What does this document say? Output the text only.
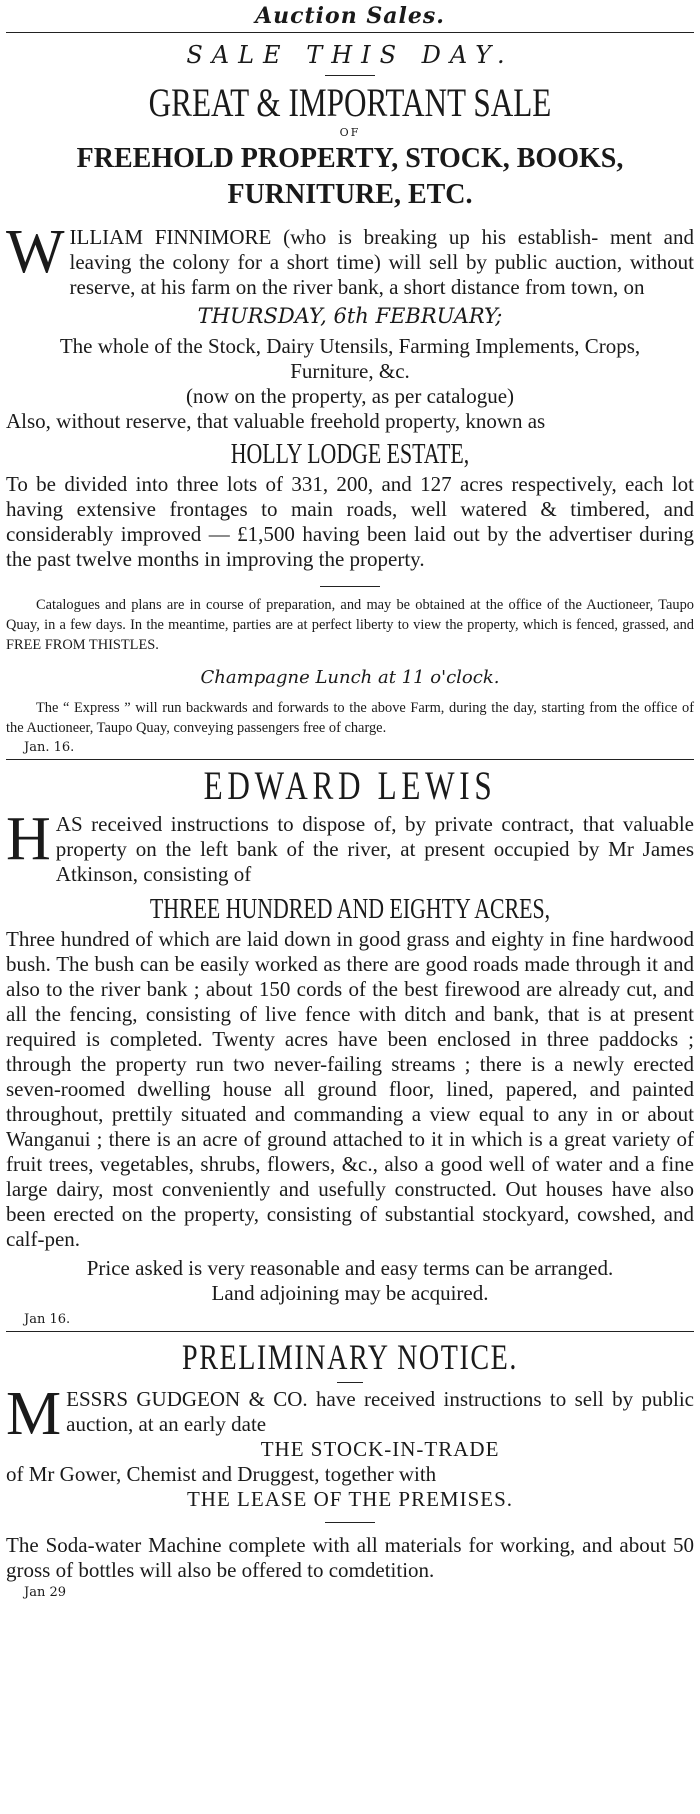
Auction Sales.
SALE THIS DAY.
GREAT & IMPORTANT SALE
OF
FREEHOLD PROPERTY, STOCK, BOOKS,
FURNITURE, ETC.

WILLIAM FINNIMORE (who is breaking up his establish- ment and leaving the colony for a short time) will sell by public auction, without reserve, at his farm on the river bank, a short distance from town, on

THURSDAY, 6th FEBRUARY;

The whole of the Stock, Dairy Utensils, Farming Implements, Crops, Furniture, &c.

(now on the property, as per catalogue)

Also, without reserve, that valuable freehold property, known as

HOLLY LODGE ESTATE,

To be divided into three lots of 331, 200, and 127 acres respectively, each lot having extensive frontages to main roads, well watered & timbered, and considerably improved — £1,500 having been laid out by the advertiser during the past twelve months in improving the property.

Catalogues and plans are in course of preparation, and may be obtained at the office of the Auctioneer, Taupo Quay, in a few days. In the meantime, parties are at perfect liberty to view the property, which is fenced, grassed, and FREE FROM THISTLES.

Champagne Lunch at 11 o'clock.

The “ Express ” will run backwards and forwards to the above Farm, during the day, starting from the office of the Auctioneer, Taupo Quay, conveying passengers free of charge.

Jan. 16.
EDWARD LEWIS

HAS received instructions to dispose of, by private contract, that valuable property on the left bank of the river, at present occupied by Mr James Atkinson, consisting of

THREE HUNDRED AND EIGHTY ACRES,

Three hundred of which are laid down in good grass and eighty in fine hardwood bush. The bush can be easily worked as there are good roads made through it and also to the river bank ; about 150 cords of the best firewood are already cut, and all the fencing, consisting of live fence with ditch and bank, that is at present required is completed. Twenty acres have been enclosed in three paddocks ; through the property run two never-failing streams ; there is a newly erected seven-roomed dwelling house all ground floor, lined, papered, and painted throughout, prettily situated and commanding a view equal to any in or about Wanganui ; there is an acre of ground attached to it in which is a great variety of fruit trees, vegetables, shrubs, flowers, &c., also a good well of water and a fine large dairy, most conveniently and usefully constructed. Out houses have also been erected on the property, consisting of substantial stockyard, cowshed, and calf-pen.

Price asked is very reasonable and easy terms can be arranged.

Land adjoining may be acquired.

Jan 16.
PRELIMINARY NOTICE.

MESSRS GUDGEON & CO. have received instructions to sell by public auction, at an early date

THE STOCK-IN-TRADE

of Mr Gower, Chemist and Druggest, together with

THE LEASE OF THE PREMISES.

The Soda-water Machine complete with all materials for working, and about 50 gross of bottles will also be offered to comdetition.

Jan 29
